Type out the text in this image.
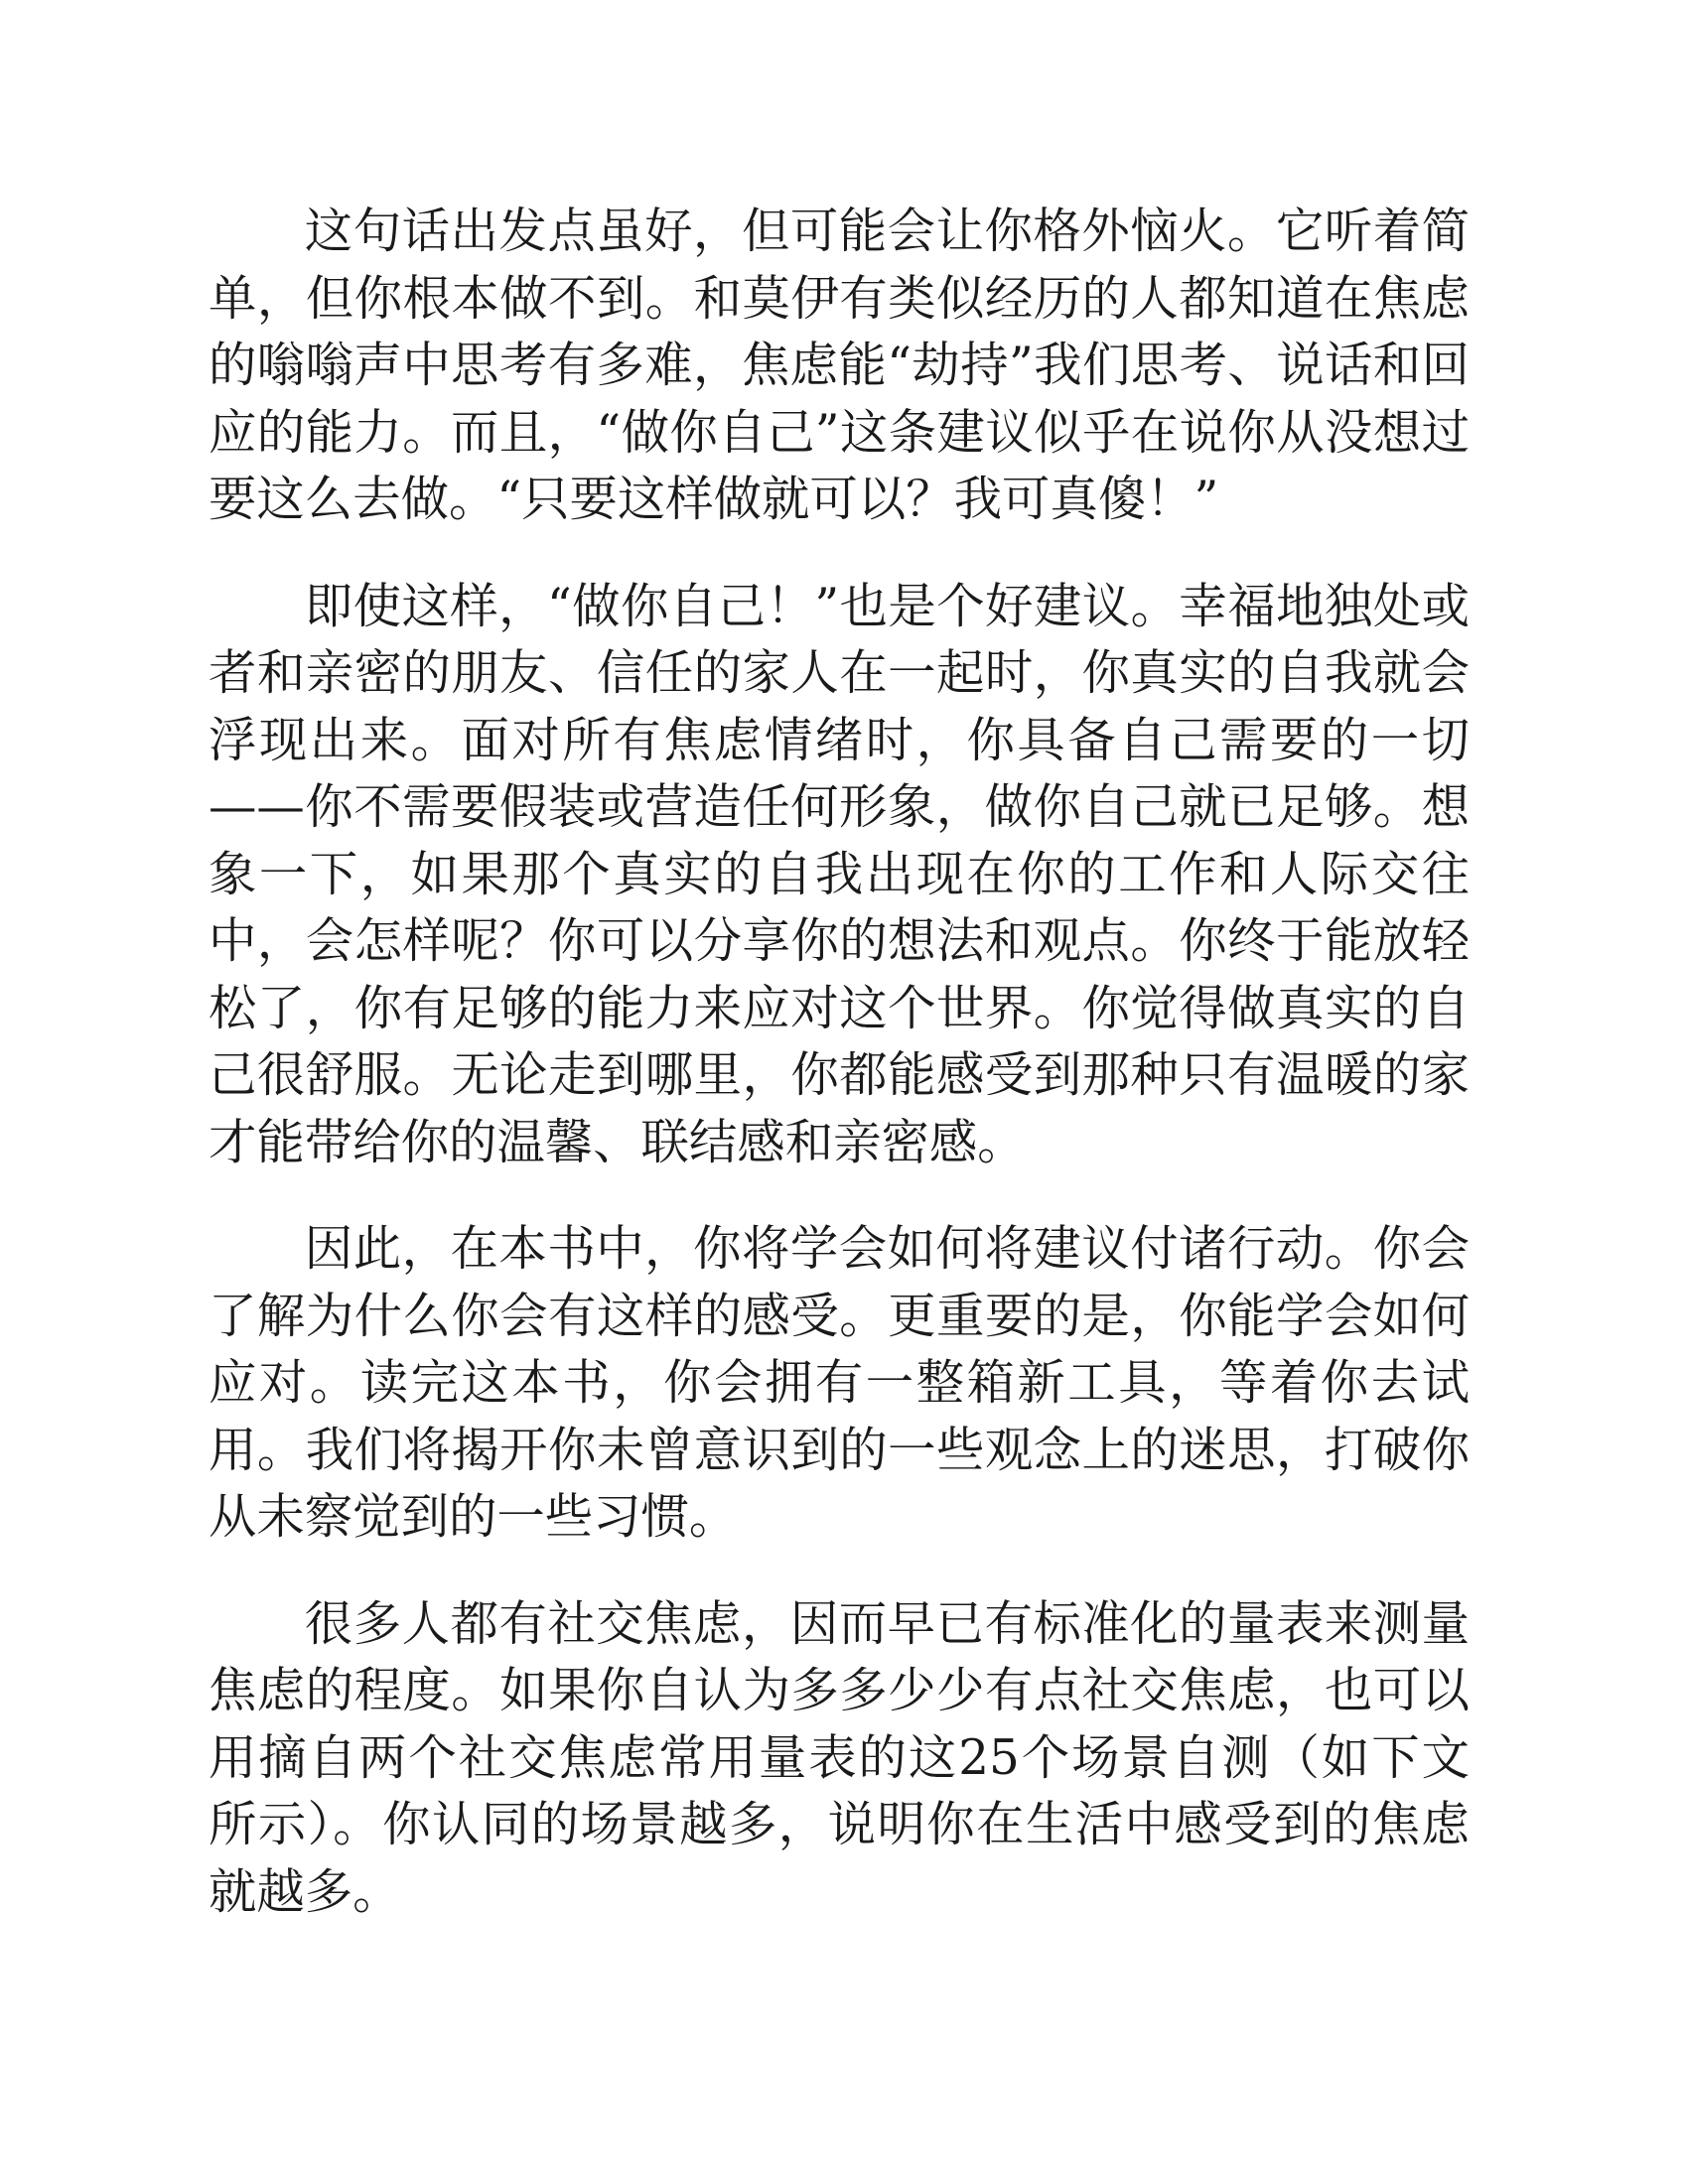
这句话出发点虽好，但可能会让你格外恼火。它听着简单，但你根本做不到。和莫伊有类似经历的人都知道在焦虑的嗡嗡声中思考有多难，焦虑能“劫持”我们思考、说话和回应的能力。而且，“做你自己”这条建议似乎在说你从没想过要这么去做。“只要这样做就可以？我可真傻！”

即使这样，“做你自己！”也是个好建议。幸福地独处或者和亲密的朋友、信任的家人在一起时，你真实的自我就会浮现出来。面对所有焦虑情绪时，你具备自己需要的一切——你不需要假装或营造任何形象，做你自己就已足够。想象一下，如果那个真实的自我出现在你的工作和人际交往中，会怎样呢？你可以分享你的想法和观点。你终于能放轻松了，你有足够的能力来应对这个世界。你觉得做真实的自己很舒服。无论走到哪里，你都能感受到那种只有温暖的家才能带给你的温馨、联结感和亲密感。

因此，在本书中，你将学会如何将建议付诸行动。你会了解为什么你会有这样的感受。更重要的是，你能学会如何应对。读完这本书，你会拥有一整箱新工具，等着你去试用。我们将揭开你未曾意识到的一些观念上的迷思，打破你从未察觉到的一些习惯。

很多人都有社交焦虑，因而早已有标准化的量表来测量焦虑的程度。如果你自认为多多少少有点社交焦虑，也可以用摘自两个社交焦虑常用量表的这25个场景自测（如下文所示）。你认同的场景越多，说明你在生活中感受到的焦虑就越多。
